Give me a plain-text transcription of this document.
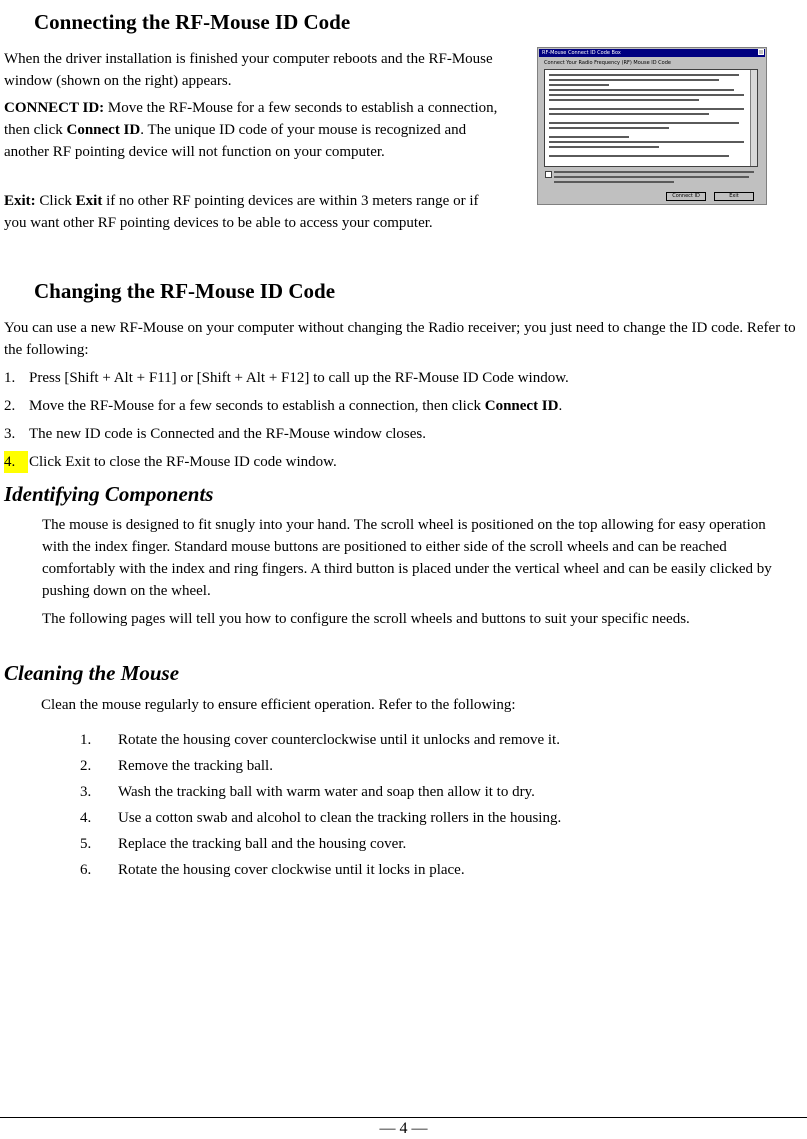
Connecting the RF-Mouse ID Code

When the driver installation is finished your computer reboots and the RF-Mouse window (shown on the right) appears.

CONNECT ID: Move the RF-Mouse for a few seconds to establish a connection, then click Connect ID. The unique ID code of your mouse is recognized and another RF pointing device will not function on your computer.

Exit: Click Exit if no other RF pointing devices are within 3 meters range or if you want other RF pointing devices to be able to access your computer.

RF-Mouse Connect ID Code Box
Connect Your Radio Frequency (RF) Mouse ID Code
Connect ID	Exit
Changing the RF-Mouse ID Code

You can use a new RF-Mouse on your computer without changing the Radio receiver; you just need to change the ID code. Refer to the following:

1. Press [Shift + Alt + F11] or [Shift + Alt + F12] to call up the RF-Mouse ID Code window.
2. Move the RF-Mouse for a few seconds to establish a connection, then click Connect ID.
3. The new ID code is Connected and the RF-Mouse window closes.
4. Click Exit to close the RF-Mouse ID code window.
Identifying Components

The mouse is designed to fit snugly into your hand. The scroll wheel is positioned on the top allowing for easy operation with the index finger. Standard mouse buttons are positioned to either side of the scroll wheels and can be reached comfortably with the index and ring fingers. A third button is placed under the vertical wheel and can be easily clicked by pushing down on the wheel.

The following pages will tell you how to configure the scroll wheels and buttons to suit your specific needs.

Cleaning the Mouse

Clean the mouse regularly to ensure efficient operation. Refer to the following:

1. Rotate the housing cover counterclockwise until it unlocks and remove it.
2. Remove the tracking ball.
3. Wash the tracking ball with warm water and soap then allow it to dry.
4. Use a cotton swab and alcohol to clean the tracking rollers in the housing.
5. Replace the tracking ball and the housing cover.
6. Rotate the housing cover clockwise until it locks in place.
— 4 —
